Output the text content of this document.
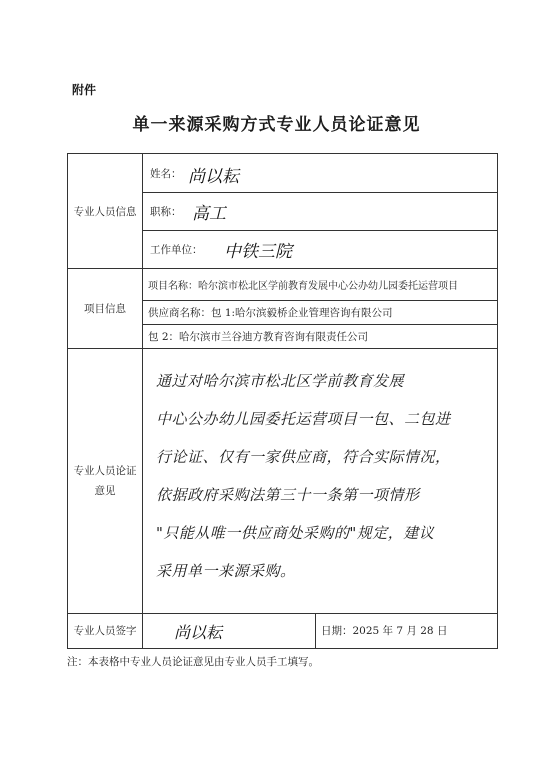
附件
单一来源采购方式专业人员论证意见
专业人员信息
姓名： 尚以耘
职称： 高工
工作单位：	中铁三院
项目信息
项目名称：哈尔滨市松北区学前教育发展中心公办幼儿园委托运营项目
供应商名称：包 1:哈尔滨毅桥企业管理咨询有限公司
包 2：哈尔滨市兰谷迪方教育咨询有限责任公司
专业人员论证
意见
通过对哈尔滨市松北区学前教育发展
中心公办幼儿园委托运营项目一包、二包进
行论证、仅有一家供应商，符合实际情况，
依据政府采购法第三十一条第一项情形
"只能从唯一供应商处采购的"规定，建议
采用单一来源采购。
专业人员签字	尚以耘	日期：2025 年 7 月 28 日
注：本表格中专业人员论证意见由专业人员手工填写。
